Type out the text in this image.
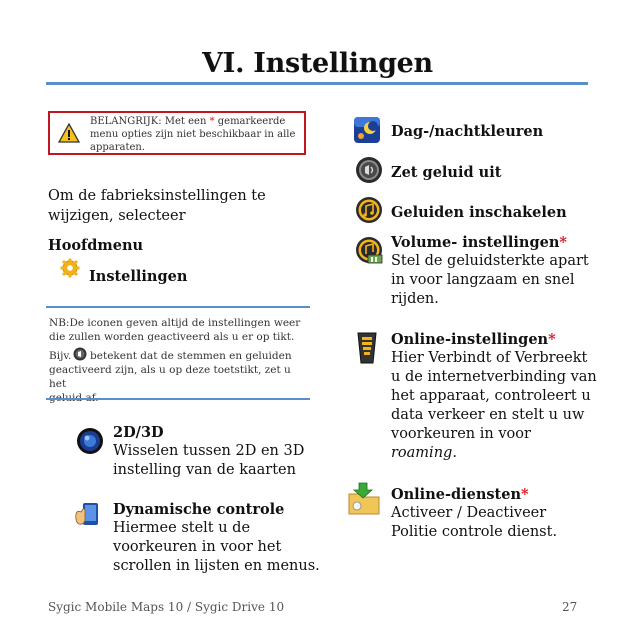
VI. Instellingen
BELANGRIJK: Met een * gemarkeerde
menu opties zijn niet beschikbaar in alle
apparaten.
Om de fabrieksinstellingen te
wijzigen, selecteer
Hoofdmenu
Instellingen
NB:De iconen geven altijd de instellingen weer
die zullen worden geactiveerd als u er op tikt.
Bijv. betekent dat de stemmen en geluiden
geactiveerd zijn, als u op deze toetstikt, zet u het
2D/3D
Wisselen tussen 2D en 3D
instelling van de kaarten
Dynamische controle
Hiermee stelt u de
voorkeuren in voor het
scrollen in lijsten en menus.
Dag-/nachtkleuren
Zet geluid uit
Geluiden inschakelen
Volume- instellingen*
Stel de geluidsterkte apart
in voor langzaam en snel
rijden.
Online-instellingen*
Hier Verbindt of Verbreekt
u de internetverbinding van
het apparaat, controleert u
data verkeer en stelt u uw
voorkeuren in voor
roaming.
Online-diensten*
Activeer / Deactiveer
Politie controle dienst.
Sygic Mobile Maps 10 / Sygic Drive 10	27
